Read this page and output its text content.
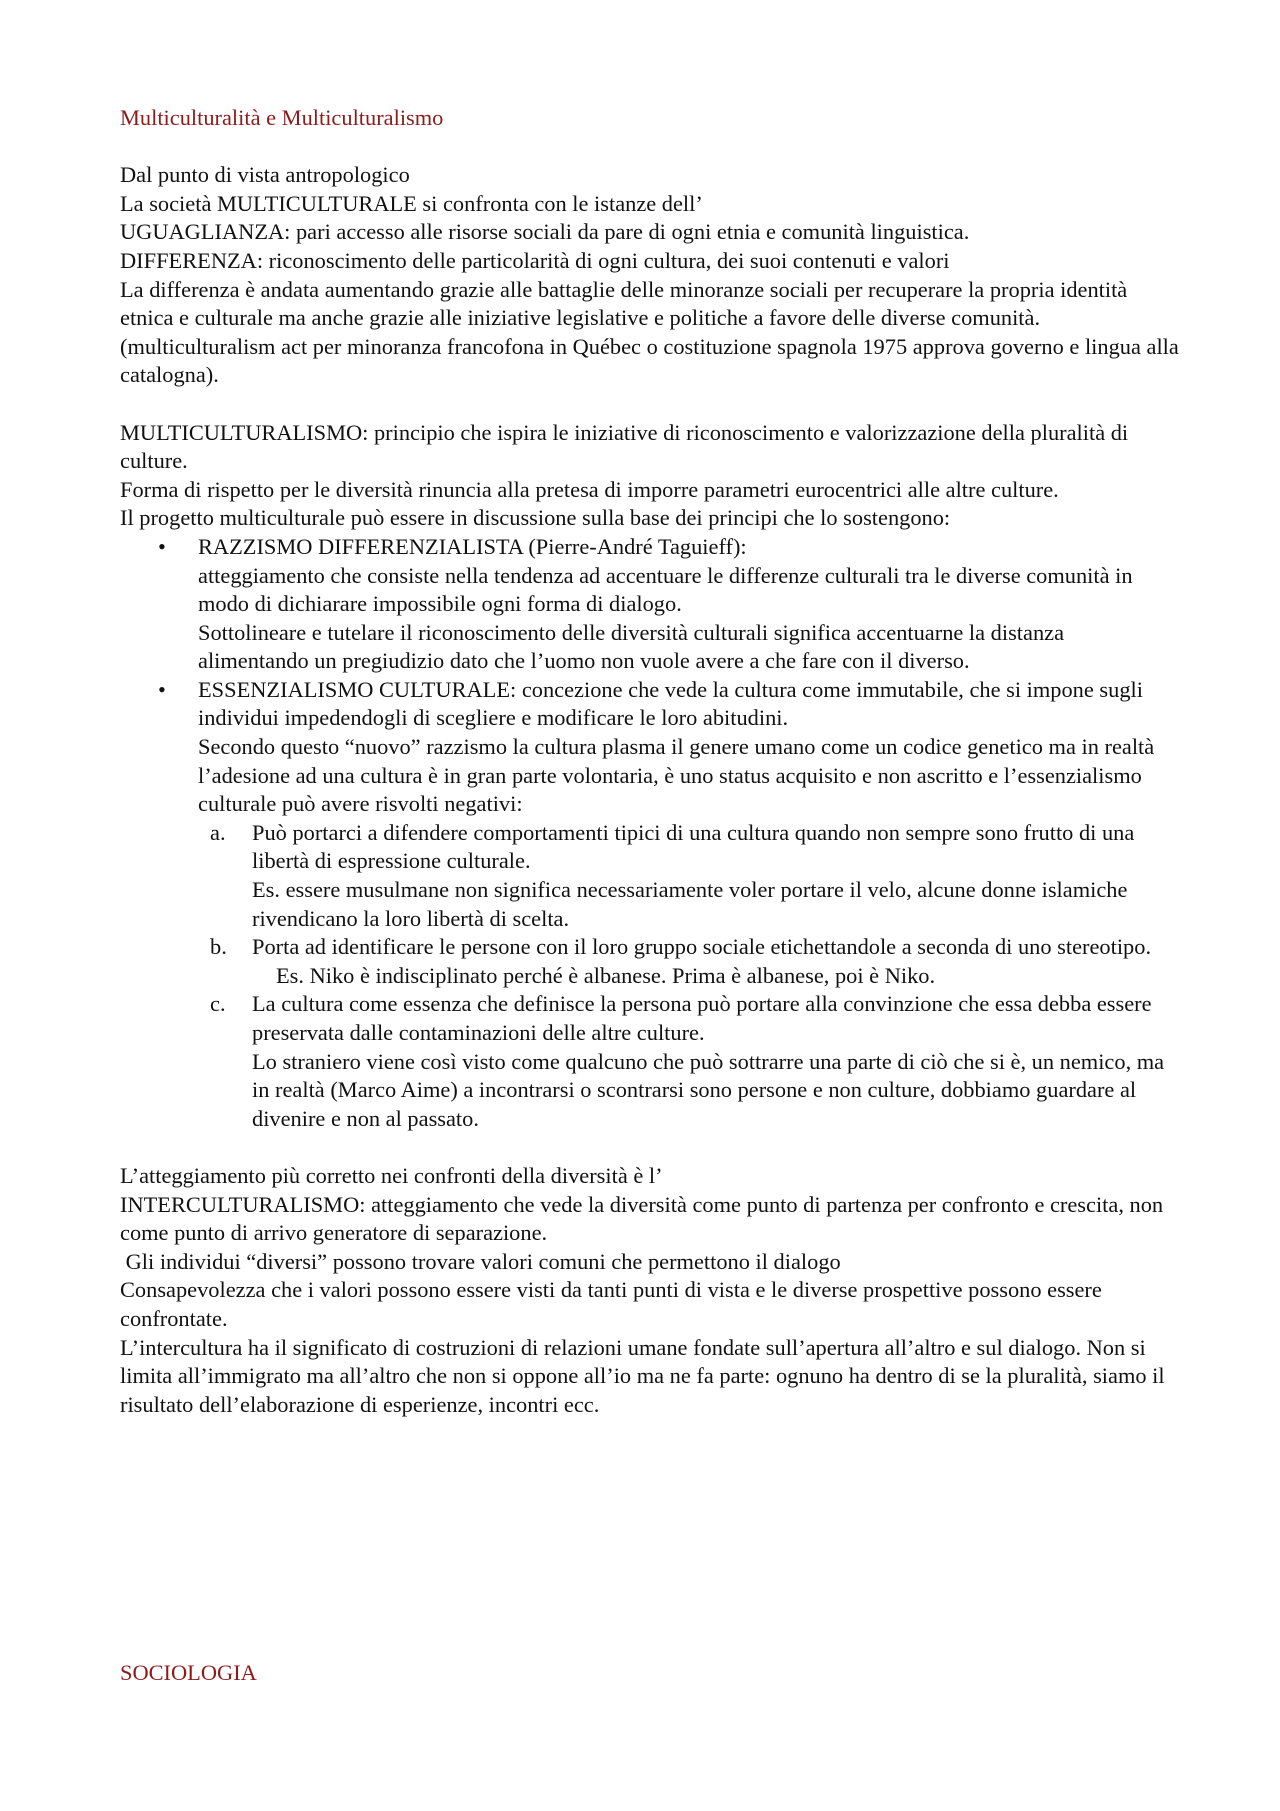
Multiculturalità e Multiculturalismo

Dal punto di vista antropologico

La società MULTICULTURALE si confronta con le istanze dell’

UGUAGLIANZA: pari accesso alle risorse sociali da pare di ogni etnia e comunità linguistica.

DIFFERENZA: riconoscimento delle particolarità di ogni cultura, dei suoi contenuti e valori

La differenza è andata aumentando grazie alle battaglie delle minoranze sociali per recuperare la propria identità etnica e culturale ma anche grazie alle iniziative legislative e politiche a favore delle diverse comunità.

(multiculturalism act per minoranza francofona in Québec o costituzione spagnola 1975 approva governo e lingua alla catalogna).

MULTICULTURALISMO: principio che ispira le iniziative di riconoscimento e valorizzazione della pluralità di culture.

Forma di rispetto per le diversità rinuncia alla pretesa di imporre parametri eurocentrici alle altre culture.

Il progetto multiculturale può essere in discussione sulla base dei principi che lo sostengono:

• RAZZISMO DIFFERENZIALISTA (Pierre-André Taguieff):
atteggiamento che consiste nella tendenza ad accentuare le differenze culturali tra le diverse comunità in modo di dichiarare impossibile ogni forma di dialogo.
Sottolineare e tutelare il riconoscimento delle diversità culturali significa accentuarne la distanza alimentando un pregiudizio dato che l’uomo non vuole avere a che fare con il diverso.
• ESSENZIALISMO CULTURALE: concezione che vede la cultura come immutabile, che si impone sugli individui impedendogli di scegliere e modificare le loro abitudini.
Secondo questo “nuovo” razzismo la cultura plasma il genere umano come un codice genetico ma in realtà l’adesione ad una cultura è in gran parte volontaria, è uno status acquisito e non ascritto e l’essenzialismo culturale può avere risvolti negativi:
a. Può portarci a difendere comportamenti tipici di una cultura quando non sempre sono frutto di una libertà di espressione culturale.
Es. essere musulmane non significa necessariamente voler portare il velo, alcune donne islamiche rivendicano la loro libertà di scelta.
b. Porta ad identificare le persone con il loro gruppo sociale etichettandole a seconda di uno stereotipo.
Es. Niko è indisciplinato perché è albanese. Prima è albanese, poi è Niko.
c. La cultura come essenza che definisce la persona può portare alla convinzione che essa debba essere preservata dalle contaminazioni delle altre culture.
Lo straniero viene così visto come qualcuno che può sottrarre una parte di ciò che si è, un nemico, ma in realtà (Marco Aime) a incontrarsi o scontrarsi sono persone e non culture, dobbiamo guardare al divenire e non al passato.

L’atteggiamento più corretto nei confronti della diversità è l’

INTERCULTURALISMO: atteggiamento che vede la diversità come punto di partenza per confronto e crescita, non come punto di arrivo generatore di separazione.

Gli individui “diversi” possono trovare valori comuni che permettono il dialogo

Consapevolezza che i valori possono essere visti da tanti punti di vista e le diverse prospettive possono essere confrontate.

L’intercultura ha il significato di costruzioni di relazioni umane fondate sull’apertura all’altro e sul dialogo. Non si limita all’immigrato ma all’altro che non si oppone all’io ma ne fa parte: ognuno ha dentro di se la pluralità, siamo il risultato dell’elaborazione di esperienze, incontri ecc.

SOCIOLOGIA
